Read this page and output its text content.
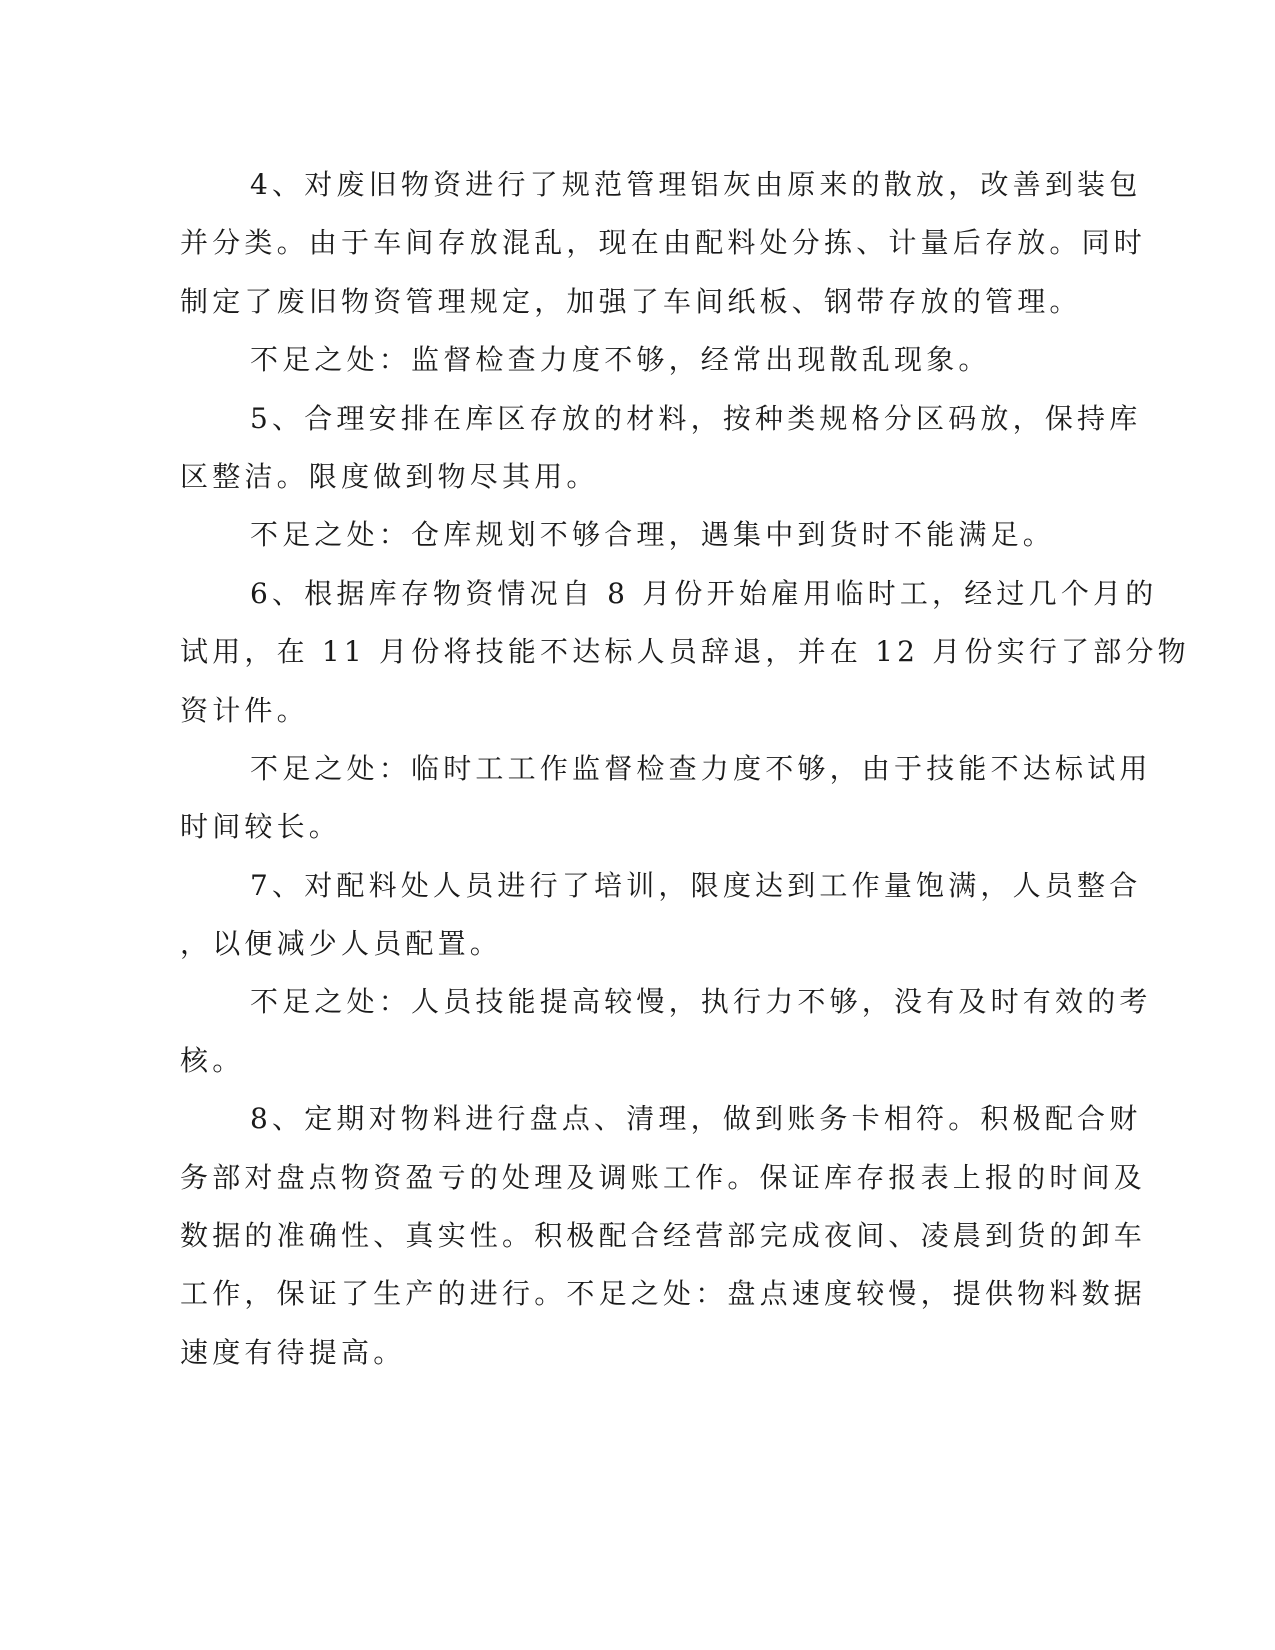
4、对废旧物资进行了规范管理铝灰由原来的散放，改善到装包
并分类。由于车间存放混乱，现在由配料处分拣、计量后存放。同时
制定了废旧物资管理规定，加强了车间纸板、钢带存放的管理。
不足之处：监督检查力度不够，经常出现散乱现象。
5、合理安排在库区存放的材料，按种类规格分区码放，保持库
区整洁。限度做到物尽其用。
不足之处：仓库规划不够合理，遇集中到货时不能满足。
6、根据库存物资情况自 8 月份开始雇用临时工，经过几个月的
试用，在 11 月份将技能不达标人员辞退，并在 12 月份实行了部分物
资计件。
不足之处：临时工工作监督检查力度不够，由于技能不达标试用
时间较长。
7、对配料处人员进行了培训，限度达到工作量饱满，人员整合
，以便减少人员配置。
不足之处：人员技能提高较慢，执行力不够，没有及时有效的考
核。
8、定期对物料进行盘点、清理，做到账务卡相符。积极配合财
务部对盘点物资盈亏的处理及调账工作。保证库存报表上报的时间及
数据的准确性、真实性。积极配合经营部完成夜间、凌晨到货的卸车
工作，保证了生产的进行。不足之处：盘点速度较慢，提供物料数据
速度有待提高。
